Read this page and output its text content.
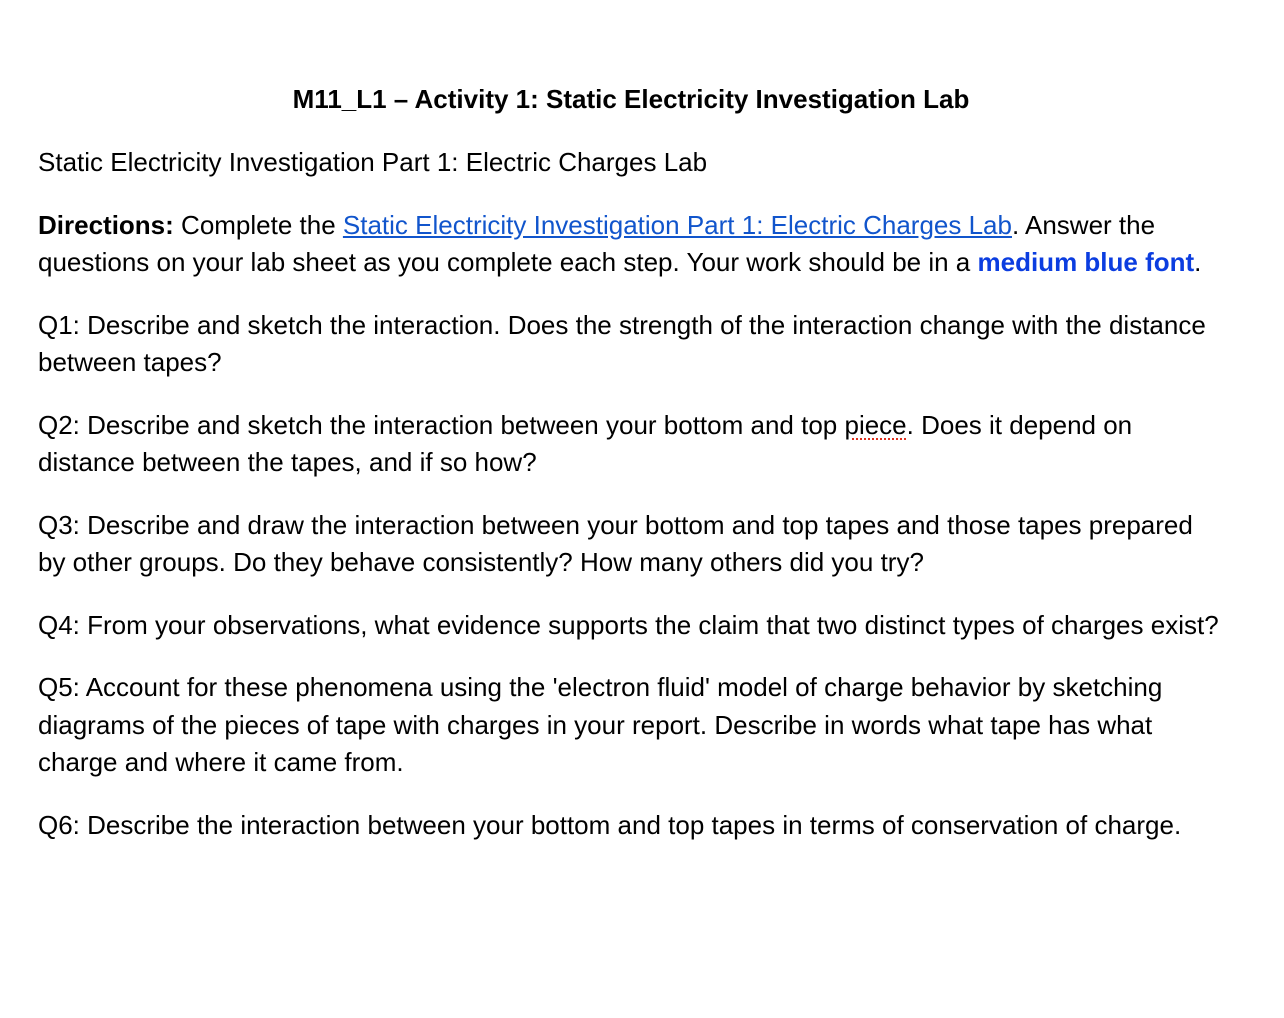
M11_L1 – Activity 1: Static Electricity Investigation Lab

Static Electricity Investigation Part 1: Electric Charges Lab

Directions: Complete the Static Electricity Investigation Part 1: Electric Charges Lab. Answer the questions on your lab sheet as you complete each step. Your work should be in a medium blue font.

Q1: Describe and sketch the interaction. Does the strength of the interaction change with the distance between tapes?

Q2: Describe and sketch the interaction between your bottom and top piece. Does it depend on distance between the tapes, and if so how?

Q3: Describe and draw the interaction between your bottom and top tapes and those tapes prepared by other groups. Do they behave consistently? How many others did you try?

Q4: From your observations, what evidence supports the claim that two distinct types of charges exist?

Q5: Account for these phenomena using the 'electron fluid' model of charge behavior by sketching diagrams of the pieces of tape with charges in your report. Describe in words what tape has what charge and where it came from.

Q6: Describe the interaction between your bottom and top tapes in terms of conservation of charge.
